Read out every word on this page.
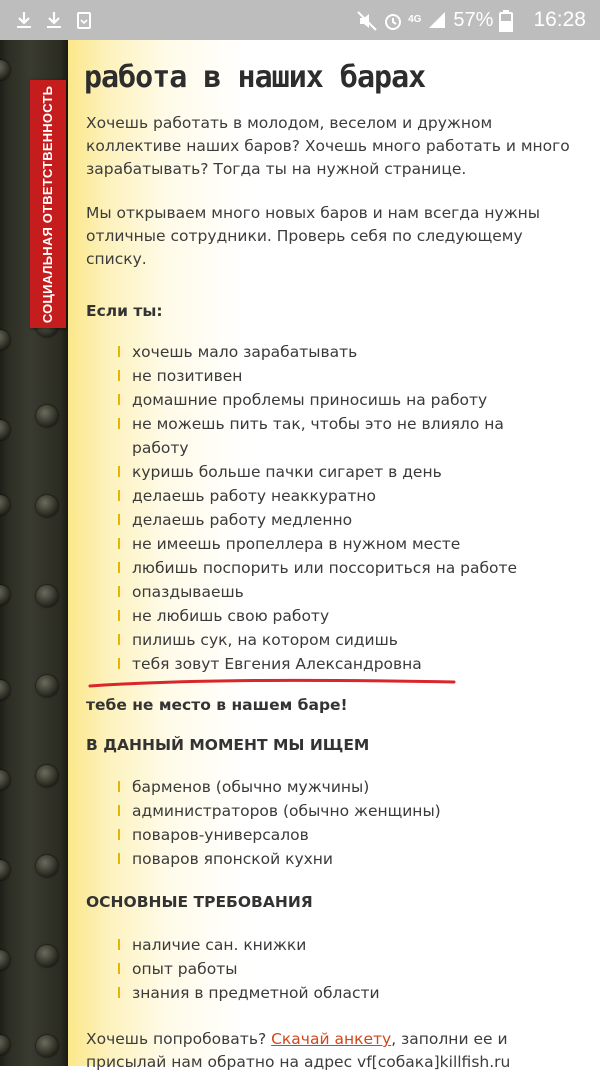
4G 57% 16:28
СОЦИАЛЬНАЯ ОТВЕТСТВЕННОСТЬ
работа в наших барах

Хочешь работать в молодом, веселом и дружном коллективе наших баров? Хочешь много работать и много зарабатывать? Тогда ты на нужной странице.

Мы открываем много новых баров и нам всегда нужны отличные сотрудники. Проверь себя по следующему списку.

Если ты:

хочешь мало зарабатывать
не позитивен
домашние проблемы приносишь на работу
не можешь пить так, чтобы это не влияло на работу
куришь больше пачки сигарет в день
делаешь работу неаккуратно
делаешь работу медленно
не имеешь пропеллера в нужном месте
любишь поспорить или поссориться на работе
опаздываешь
не любишь свою работу
пилишь сук, на котором сидишь
тебя зовут Евгения Александровна

тебе не место в нашем баре!

В ДАННЫЙ МОМЕНТ МЫ ИЩЕМ

барменов (обычно мужчины)
администраторов (обычно женщины)
поваров-универсалов
поваров японской кухни

ОСНОВНЫЕ ТРЕБОВАНИЯ

наличие сан. книжки
опыт работы
знания в предметной области

Хочешь попробовать? Скачай анкету, заполни ее и
присылай нам обратно на адрес vf[собака]killfish.ru
